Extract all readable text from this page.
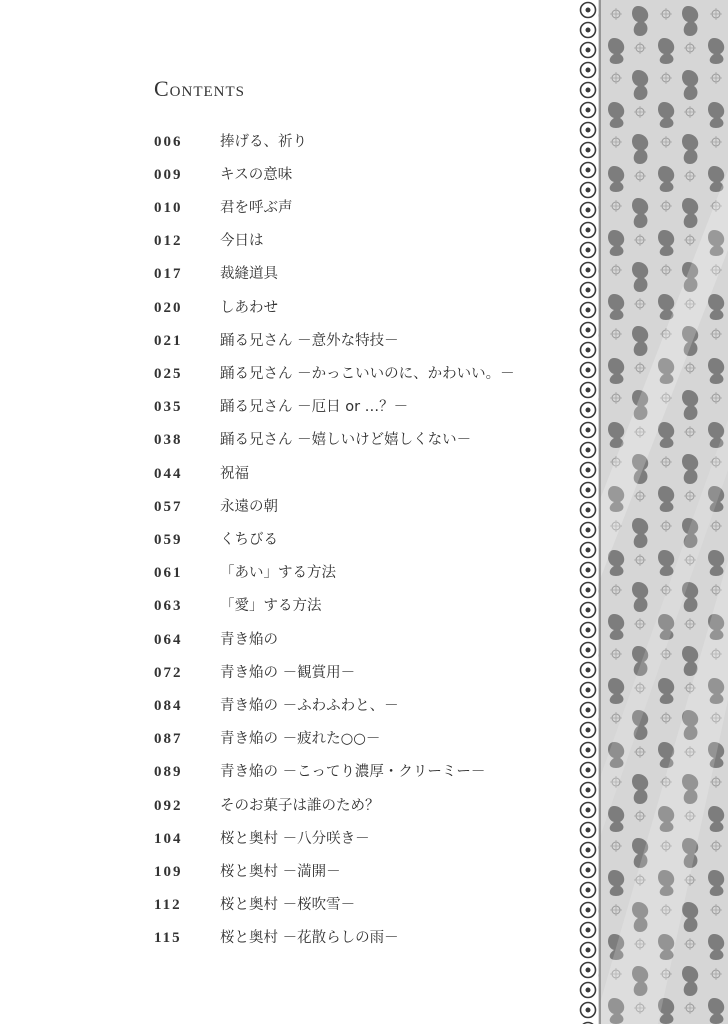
Contents
006	捧げる、祈り
009	キスの意味
010	君を呼ぶ声
012	今日は
017	裁縫道具
020	しあわせ
021	踊る兄さん －意外な特技－
025	踊る兄さん －かっこいいのに、かわいい。－
035	踊る兄さん －厄日 or …？－
038	踊る兄さん －嬉しいけど嬉しくない－
044	祝福
057	永遠の朝
059	くちびる
061	「あい」する方法
063	「愛」する方法
064	青き焔の
072	青き焔の －観賞用－
084	青き焔の －ふわふわと、－
087	青き焔の －疲れた○○－
089	青き焔の －こってり濃厚・クリーミー－
092	そのお菓子は誰のため？
104	桜と奥村 －八分咲き－
109	桜と奥村 －満開－
112	桜と奥村 －桜吹雪－
115	桜と奥村 －花散らしの雨－
